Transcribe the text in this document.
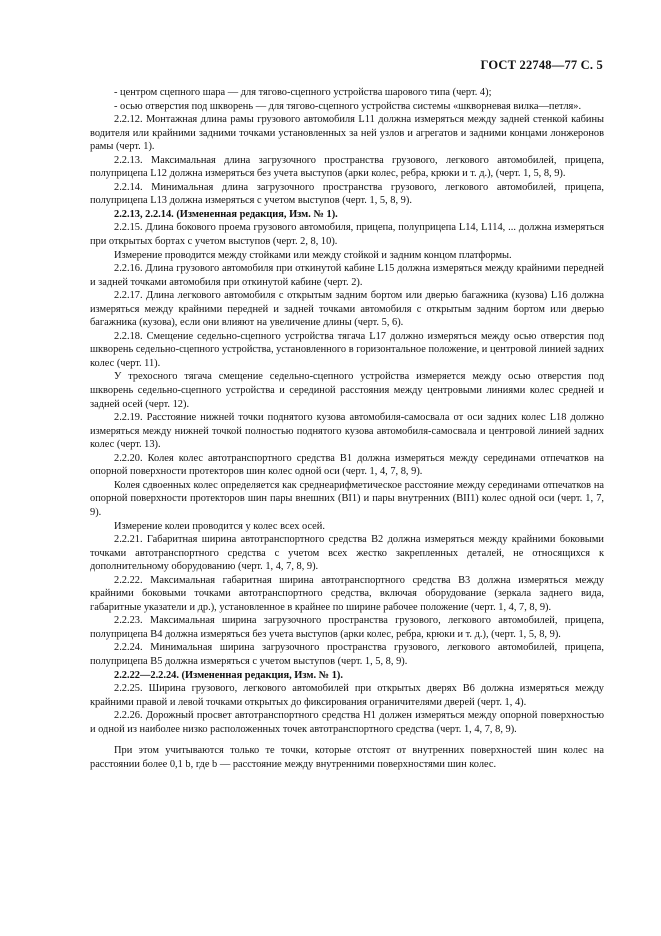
ГОСТ 22748—77 С. 5

- центром сцепного шара — для тягово-сцепного устройства шарового типа (черт. 4);

- осью отверстия под шкворень — для тягово-сцепного устройства системы «шкворневая вилка—петля».

2.2.12. Монтажная длина рамы грузового автомобиля L11 должна измеряться между задней стенкой кабины водителя или крайними задними точками установленных за ней узлов и агрегатов и задними концами лонжеронов рамы (черт. 1).

2.2.13. Максимальная длина загрузочного пространства грузового, легкового автомобилей, прицепа, полуприцепа L12 должна измеряться без учета выступов (арки колес, ребра, крюки и т. д.), (черт. 1, 5, 8, 9).

2.2.14. Минимальная длина загрузочного пространства грузового, легкового автомобилей, прицепа, полуприцепа L13 должна измеряться с учетом выступов (черт. 1, 5, 8, 9).

2.2.13, 2.2.14. (Измененная редакция, Изм. № 1).

2.2.15. Длина бокового проема грузового автомобиля, прицепа, полуприцепа L14, L114, ... должна измеряться при открытых бортах с учетом выступов (черт. 2, 8, 10).

Измерение проводится между стойками или между стойкой и задним концом платформы.

2.2.16. Длина грузового автомобиля при откинутой кабине L15 должна измеряться между крайними передней и задней точками автомобиля при откинутой кабине (черт. 2).

2.2.17. Длина легкового автомобиля с открытым задним бортом или дверью багажника (кузова) L16 должна измеряться между крайними передней и задней точками автомобиля с открытым задним бортом или дверью багажника (кузова), если они влияют на увеличение длины (черт. 5, 6).

2.2.18. Смещение седельно-сцепного устройства тягача L17 должно измеряться между осью отверстия под шкворень седельно-сцепного устройства, установленного в горизонтальное положение, и центровой линией задних колес (черт. 11).

У трехосного тягача смещение седельно-сцепного устройства измеряется между осью отверстия под шкворень седельно-сцепного устройства и серединой расстояния между центровыми линиями колес средней и задней осей (черт. 12).

2.2.19. Расстояние нижней точки поднятого кузова автомобиля-самосвала от оси задних колес L18 должно измеряться между нижней точкой полностью поднятого кузова автомобиля-самосвала и центровой линией задних колес (черт. 13).

2.2.20. Колея колес автотранспортного средства B1 должна измеряться между серединами отпечатков на опорной поверхности протекторов шин колес одной оси (черт. 1, 4, 7, 8, 9).

Колея сдвоенных колес определяется как среднеарифметическое расстояние между серединами отпечатков на опорной поверхности протекторов шин пары внешних (BI1) и пары внутренних (BII1) колес одной оси (черт. 1, 7, 9).

Измерение колеи проводится у колес всех осей.

2.2.21. Габаритная ширина автотранспортного средства B2 должна измеряться между крайними боковыми точками автотранспортного средства с учетом всех жестко закрепленных деталей, не относящихся к дополнительному оборудованию (черт. 1, 4, 7, 8, 9).

2.2.22. Максимальная габаритная ширина автотранспортного средства B3 должна измеряться между крайними боковыми точками автотранспортного средства, включая оборудование (зеркала заднего вида, габаритные указатели и др.), установленное в крайнее по ширине рабочее положение (черт. 1, 4, 7, 8, 9).

2.2.23. Максимальная ширина загрузочного пространства грузового, легкового автомобилей, прицепа, полуприцепа B4 должна измеряться без учета выступов (арки колес, ребра, крюки и т. д.), (черт. 1, 5, 8, 9).

2.2.24. Минимальная ширина загрузочного пространства грузового, легкового автомобилей, прицепа, полуприцепа B5 должна измеряться с учетом выступов (черт. 1, 5, 8, 9).

2.2.22—2.2.24. (Измененная редакция, Изм. № 1).

2.2.25. Ширина грузового, легкового автомобилей при открытых дверях B6 должна измеряться между крайними правой и левой точками открытых до фиксирования ограничителями дверей (черт. 1, 4).

2.2.26. Дорожный просвет автотранспортного средства H1 должен измеряться между опорной поверхностью и одной из наиболее низко расположенных точек автотранспортного средства (черт. 1, 4, 7, 8, 9).

При этом учитываются только те точки, которые отстоят от внутренних поверхностей шин колес на расстоянии более 0,1 b, где b — расстояние между внутренними поверхностями шин колес.
